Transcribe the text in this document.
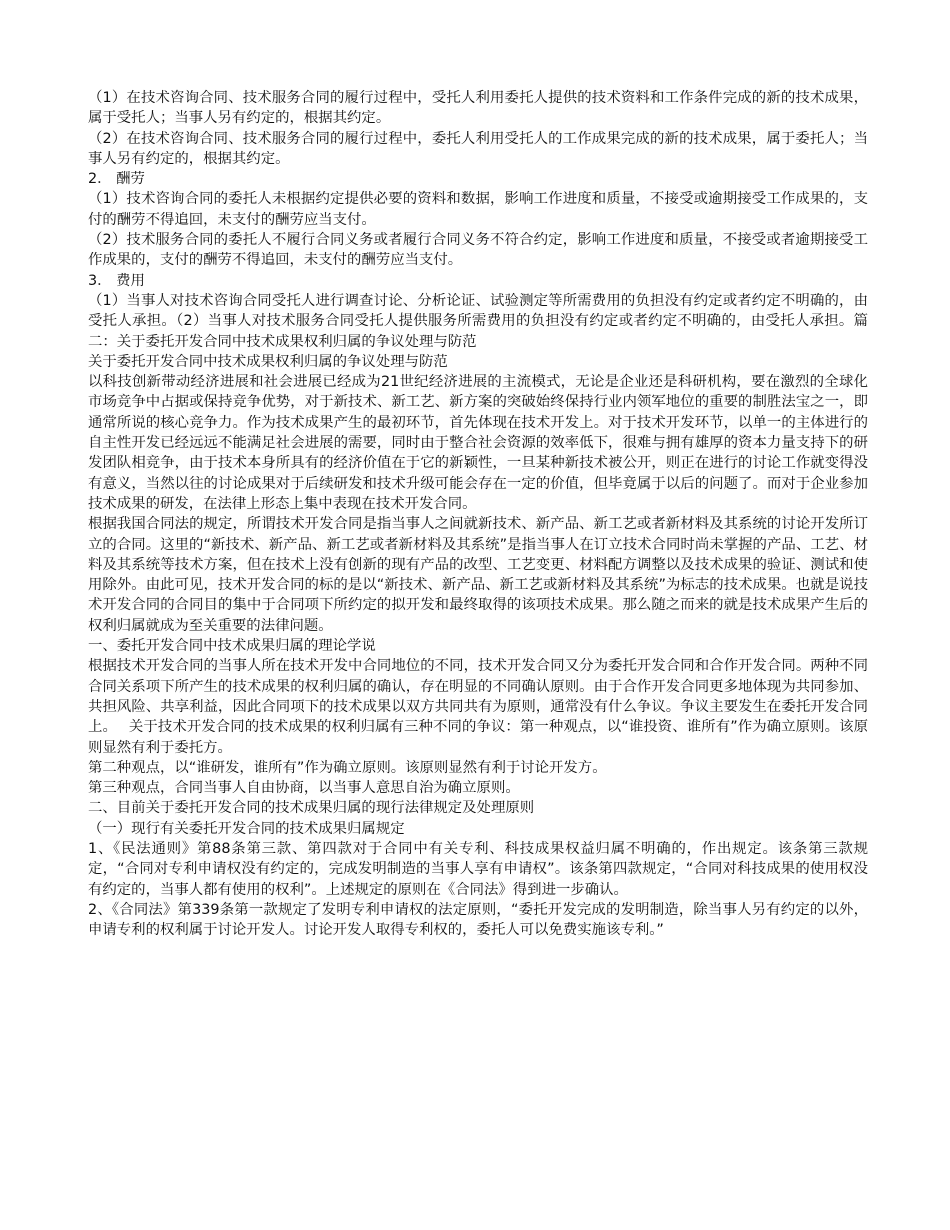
（1）在技术咨询合同、技术服务合同的履行过程中，受托人利用委托人提供的技术资料和工作条件完成的新的技术成果，属于受托人；当事人另有约定的，根据其约定。

（2）在技术咨询合同、技术服务合同的履行过程中，委托人利用受托人的工作成果完成的新的技术成果，属于委托人；当事人另有约定的，根据其约定。

2． 酬劳

（1）技术咨询合同的委托人未根据约定提供必要的资料和数据，影响工作进度和质量，不接受或逾期接受工作成果的，支付的酬劳不得追回，未支付的酬劳应当支付。

（2）技术服务合同的委托人不履行合同义务或者履行合同义务不符合约定，影响工作进度和质量，不接受或者逾期接受工作成果的，支付的酬劳不得追回，未支付的酬劳应当支付。

3． 费用

（1）当事人对技术咨询合同受托人进行调查讨论、分析论证、试验测定等所需费用的负担没有约定或者约定不明确的，由受托人承担。（2）当事人对技术服务合同受托人提供服务所需费用的负担没有约定或者约定不明确的，由受托人承担。篇二：关于委托开发合同中技术成果权利归属的争议处理与防范

关于委托开发合同中技术成果权利归属的争议处理与防范

以科技创新带动经济进展和社会进展已经成为21世纪经济进展的主流模式，无论是企业还是科研机构，要在激烈的全球化市场竞争中占据或保持竞争优势，对于新技术、新工艺、新方案的突破始终保持行业内领军地位的重要的制胜法宝之一，即通常所说的核心竞争力。作为技术成果产生的最初环节，首先体现在技术开发上。对于技术开发环节，以单一的主体进行的自主性开发已经远远不能满足社会进展的需要，同时由于整合社会资源的效率低下，很难与拥有雄厚的资本力量支持下的研发团队相竞争，由于技术本身所具有的经济价值在于它的新颖性，一旦某种新技术被公开，则正在进行的讨论工作就变得没有意义，当然以往的讨论成果对于后续研发和技术升级可能会存在一定的价值，但毕竟属于以后的问题了。而对于企业参加技术成果的研发，在法律上形态上集中表现在技术开发合同。

根据我国合同法的规定，所谓技术开发合同是指当事人之间就新技术、新产品、新工艺或者新材料及其系统的讨论开发所订立的合同。这里的“新技术、新产品、新工艺或者新材料及其系统”是指当事人在订立技术合同时尚未掌握的产品、工艺、材料及其系统等技术方案，但在技术上没有创新的现有产品的改型、工艺变更、材料配方调整以及技术成果的验证、测试和使用除外。由此可见，技术开发合同的标的是以“新技术、新产品、新工艺或新材料及其系统”为标志的技术成果。也就是说技术开发合同的合同目的集中于合同项下所约定的拟开发和最终取得的该项技术成果。那么随之而来的就是技术成果产生后的权利归属就成为至关重要的法律问题。

一、委托开发合同中技术成果归属的理论学说

根据技术开发合同的当事人所在技术开发中合同地位的不同，技术开发合同又分为委托开发合同和合作开发合同。两种不同合同关系项下所产生的技术成果的权利归属的确认，存在明显的不同确认原则。由于合作开发合同更多地体现为共同参加、共担风险、共享利益，因此合同项下的技术成果以双方共同共有为原则，通常没有什么争议。争议主要发生在委托开发合同上。　 关于技术开发合同的技术成果的权利归属有三种不同的争议：第一种观点，以“谁投资、谁所有”作为确立原则。该原则显然有利于委托方。

第二种观点，以“谁研发，谁所有”作为确立原则。该原则显然有利于讨论开发方。

第三种观点，合同当事人自由协商，以当事人意思自治为确立原则。

二、目前关于委托开发合同的技术成果归属的现行法律规定及处理原则

（一）现行有关委托开发合同的技术成果归属规定

1、《民法通则》第88条第三款、第四款对于合同中有关专利、科技成果权益归属不明确的，作出规定。该条第三款规定，“合同对专利申请权没有约定的，完成发明制造的当事人享有申请权”。该条第四款规定，“合同对科技成果的使用权没有约定的，当事人都有使用的权利”。上述规定的原则在《合同法》得到进一步确认。

2、《合同法》第339条第一款规定了发明专利申请权的法定原则，“委托开发完成的发明制造，除当事人另有约定的以外，申请专利的权利属于讨论开发人。讨论开发人取得专利权的，委托人可以免费实施该专利。”
